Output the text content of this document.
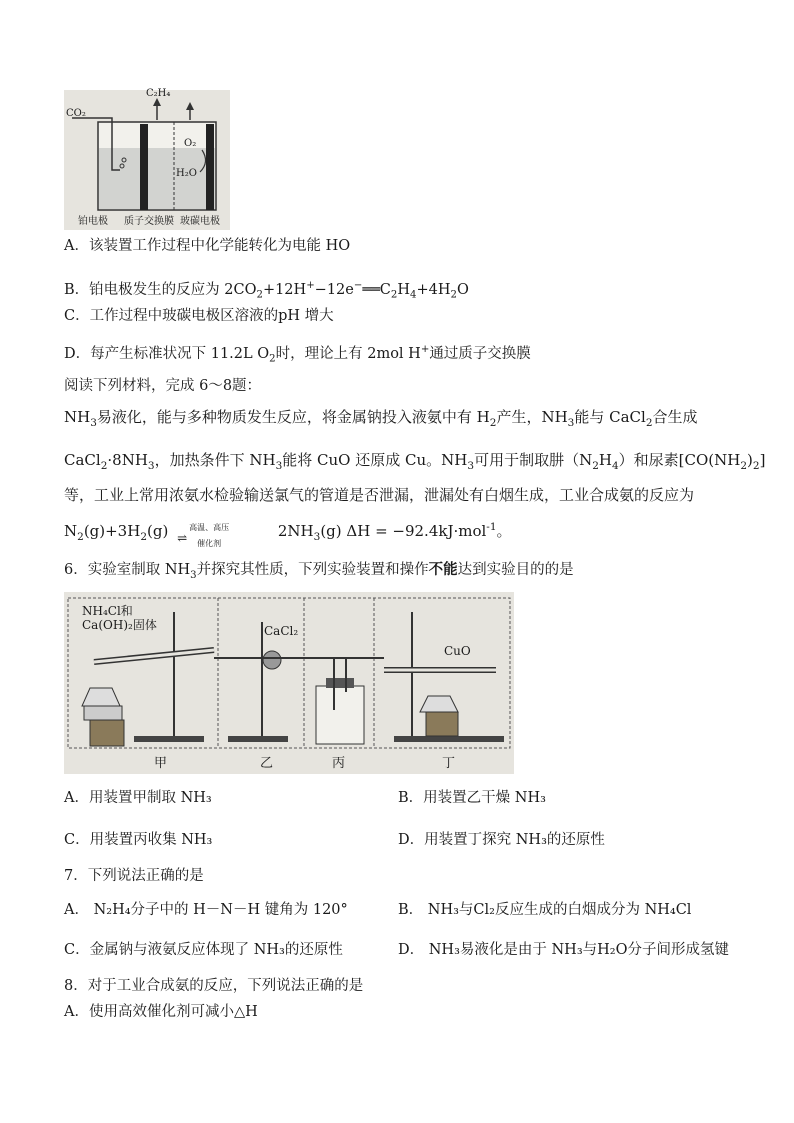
CO₂
C₂H₄
O₂
H₂O
铂电极 质子交换膜 玻碳电极
A．该装置工作过程中化学能转化为电能 HO
B．铂电极发生的反应为 $2CO_2+12H^+-12e^-══C_2H_4+4H_2O$
C．工作过程中玻碳电极区溶液的pH 增大
D．每产生标准状况下 11.2L $O_2$时，理论上有 2mol H+通过质子交换膜
阅读下列材料，完成 6～8题：
$NH_3$易液化，能与多种物质发生反应，将金属钠投入液氨中有 $H_2$产生，$NH_3$能与 CaCl$_2$合生成
$CaCl_2\cdot 8NH_3$，加热条件下 $NH_3$能将 CuO 还原成 Cu。$NH_3$可用于制取肼$(N_2H_4)$和尿素$[CO(NH_2)_2]$
等，工业上常用浓氨水检验输送氯气的管道是否泄漏，泄漏处有白烟生成，工业合成氨的反应为
$N_2(g)+3H_2(g)$	高温、高压
⇌ 催化剂
$2NH_3(g) \Delta H = -92.4kJ\cdot mol^{-1}$。
6．实验室制取 $NH_3$并探究其性质，下列实验装置和操作不能达到实验目的的是
NH₄Cl和
Ca(OH)₂固体	CaCl₂
CuO
甲	乙	丙	丁
A．用装置甲制取 NH₃	B．用装置乙干燥 NH₃
C．用装置丙收集 NH₃	D．用装置丁探究 NH₃的还原性
7．下列说法正确的是
A． N₂H₄分子中的 H－N－H 键角为 120°	B． NH₃与Cl₂反应生成的白烟成分为 NH₄Cl
C．金属钠与液氨反应体现了 NH₃的还原性	D． NH₃易液化是由于 NH₃与H₂O分子间形成氢键
8．对于工业合成氨的反应，下列说法正确的是
A．使用高效催化剂可减小△H
